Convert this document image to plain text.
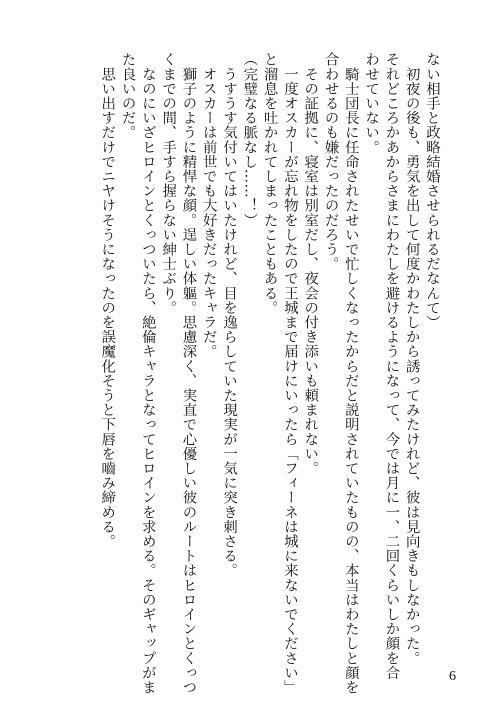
ない相手と政略結婚させられるだなんて）
　初夜の後も、勇気を出して何度かわたしから誘ってみたけれど、彼は見向きもしなかった。
それどころかあからさまにわたしを避けるようになって、今では月に一、二回くらいしか顔を合
わせていない。
　騎士団長に任命されたせいで忙しくなったからだと説明されていたものの、本当はわたしと顔を
合わせるのも嫌だったのだろう。
　その証拠に、寝室は別室だし、夜会の付き添いも頼まれない。
　一度オスカーが忘れ物をしたので王城まで届けにいったら「フィーネは城に来ないでください」
と溜息を吐かれてしまったこともある。
（完璧なる脈なし……！）
　うすうす気付いてはいたけれど、目を逸らしていた現実が一気に突き刺さる。
　オスカーは前世でも大好きだったキャラだ。
　獅子のように精悍な顔。逞しい体軀。思慮深く、実直で心優しい彼のルートはヒロインとくっつ
くまでの間、手すら握らない紳士ぶり。
　なのにいざヒロインとくっついたら、絶倫キャラとなってヒロインを求める。そのギャップがま
た良いのだ。
　思い出すだけでニヤけそうになったのを誤魔化そうと下唇を嚙み締める。
6
